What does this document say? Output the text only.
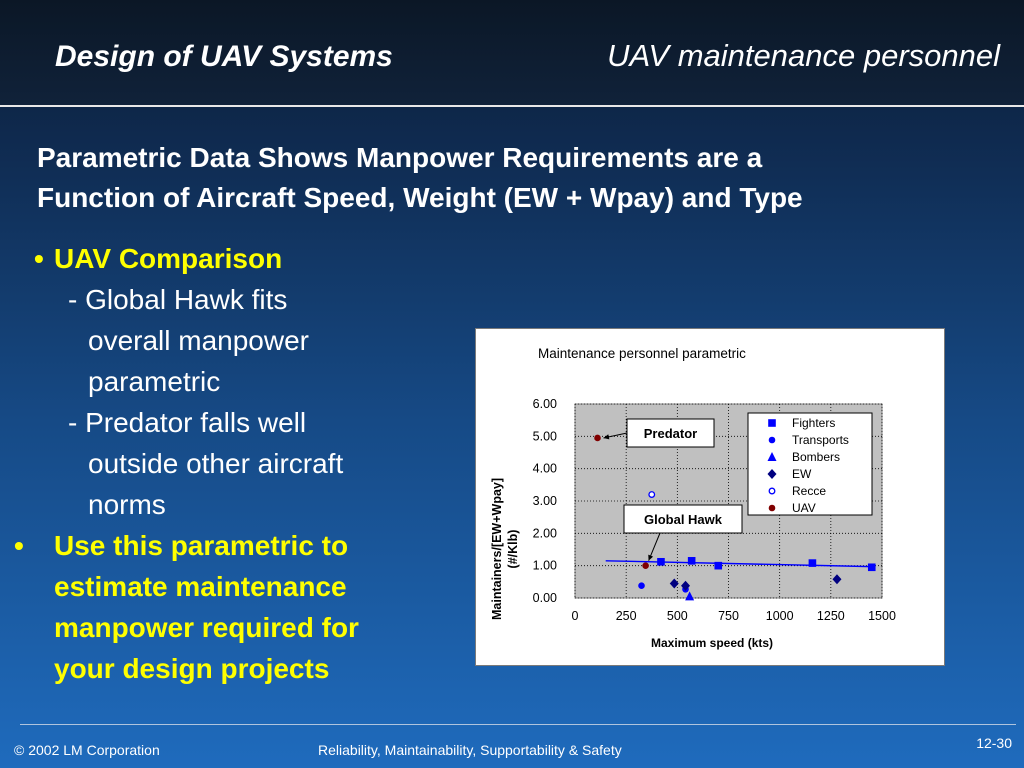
Design of UAV Systems	UAV maintenance personnel
Parametric Data Shows Manpower Requirements are a
Function of Aircraft Speed, Weight (EW + Wpay) and Type
• UAV Comparison
- Global Hawk fits
overall manpower
parametric
- Predator falls well
outside other aircraft
norms
• Use this parametric to
estimate maintenance
manpower required for
your design projects
Maintenance personnel parametric
0	250 500 750 1000 1250 1500
0.00
1.00
2.00
3.00
4.00
5.00
6.00
Maximum speed (kts)
Maintainers/[EW+Wpay] (#/Klb)
Fighters
Transports
Bombers
EW
Recce
UAV
Predator
Global Hawk
© 2002 LM Corporation	Reliability, Maintainability, Supportability & Safety	12-30
